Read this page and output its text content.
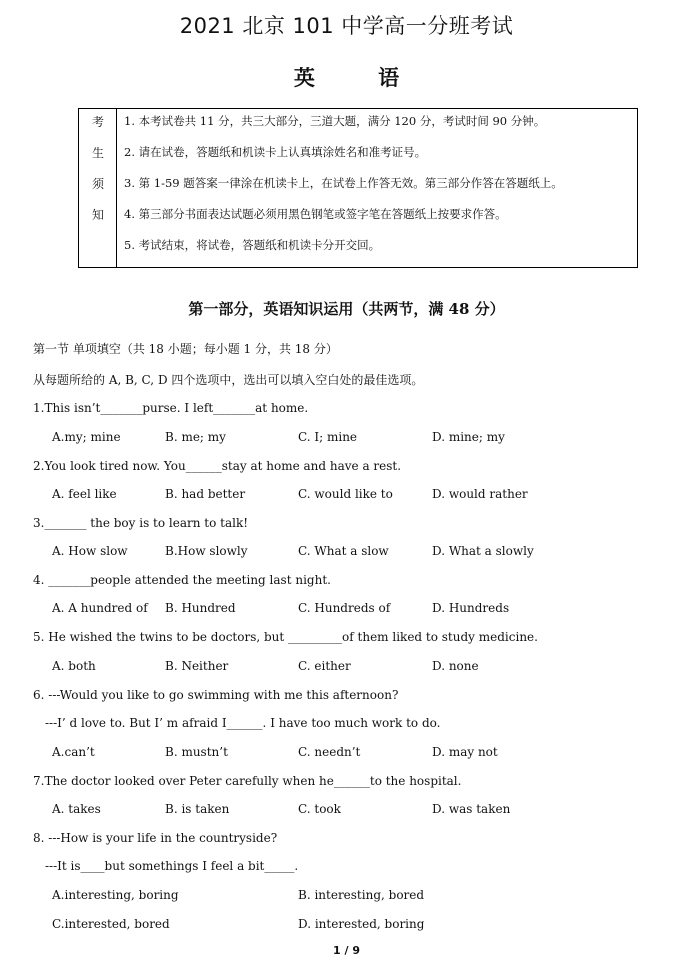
2021 北京 101 中学高一分班考试
英 语
考
生
须
知
1. 本考试卷共 11 分，共三大部分，三道大题，满分 120 分，考试时间 90 分钟。
2. 请在试卷，答题纸和机读卡上认真填涂姓名和准考证号。
3. 第 1-59 题答案一律涂在机读卡上，在试卷上作答无效。第三部分作答在答题纸上。
4. 第三部分书面表达试题必须用黑色钢笔或签字笔在答题纸上按要求作答。
5. 考试结束，将试卷，答题纸和机读卡分开交回。
第一部分，英语知识运用（共两节，满 48 分）
第一节 单项填空（共 18 小题；每小题 1 分，共 18 分）
从每题所给的 A, B, C, D 四个选项中，选出可以填入空白处的最佳选项。
1.This isn’t_______purse. I left_______at home.
A.my; mine	B. me; my	C. I; mine	D. mine; my
2.You look tired now. You______stay at home and have a rest.
A. feel like	B. had better	C. would like to	D. would rather
3._______ the boy is to learn to talk!
A. How slow	B.How slowly	C. What a slow	D. What a slowly
4. _______people attended the meeting last night.
A. A hundred of B. Hundred	C. Hundreds of	D. Hundreds
5. He wished the twins to be doctors, but _________of them liked to study medicine.
A. both	B. Neither	C. either	D. none
6. ---Would you like to go swimming with me this afternoon?
---I’ d love to. But I’ m afraid I______. I have too much work to do.
A.can’t	B. mustn’t	C. needn’t	D. may not
7.The doctor looked over Peter carefully when he______to the hospital.
A. takes	B. is taken	C. took	D. was taken
8. ---How is your life in the countryside?
---It is____but somethings I feel a bit_____.
A.interesting, boring	B. interesting, bored
C.interested, bored	D. interested, boring
1 / 9
